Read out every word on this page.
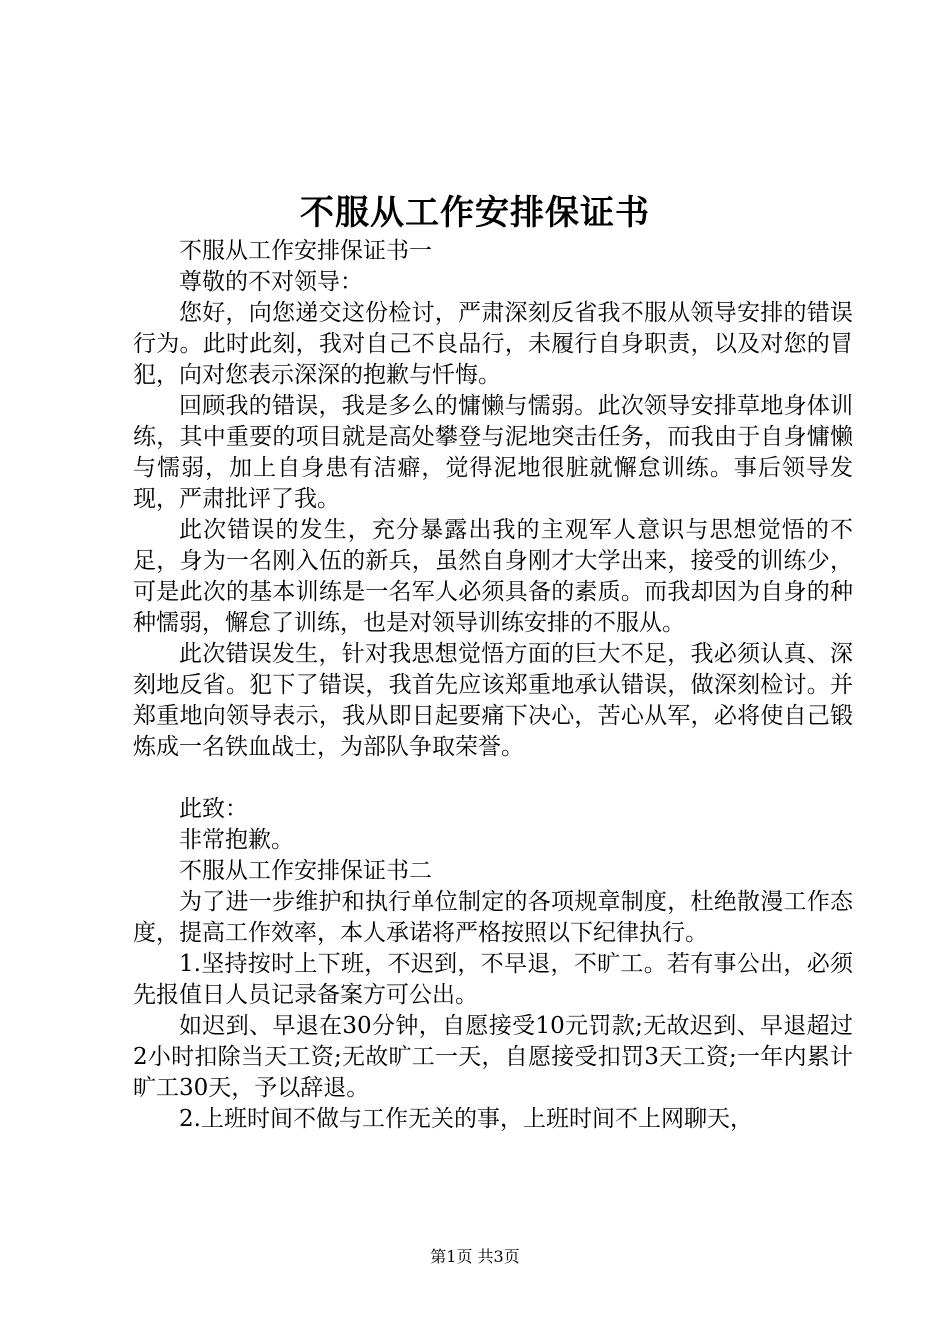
不服从工作安排保证书

不服从工作安排保证书一

尊敬的不对领导：

您好，向您递交这份检讨，严肃深刻反省我不服从领导安排的错误行为。此时此刻，我对自己不良品行，未履行自身职责，以及对您的冒犯，向对您表示深深的抱歉与忏悔。

回顾我的错误，我是多么的慵懒与懦弱。此次领导安排草地身体训练，其中重要的项目就是高处攀登与泥地突击任务，而我由于自身慵懒与懦弱，加上自身患有洁癖，觉得泥地很脏就懈怠训练。事后领导发现，严肃批评了我。

此次错误的发生，充分暴露出我的主观军人意识与思想觉悟的不足，身为一名刚入伍的新兵，虽然自身刚才大学出来，接受的训练少，可是此次的基本训练是一名军人必须具备的素质。而我却因为自身的种种懦弱，懈怠了训练，也是对领导训练安排的不服从。

此次错误发生，针对我思想觉悟方面的巨大不足，我必须认真、深刻地反省。犯下了错误，我首先应该郑重地承认错误，做深刻检讨。并郑重地向领导表示，我从即日起要痛下决心，苦心从军，必将使自己锻炼成一名铁血战士，为部队争取荣誉。

此致：

非常抱歉。

不服从工作安排保证书二

为了进一步维护和执行单位制定的各项规章制度，杜绝散漫工作态度，提高工作效率，本人承诺将严格按照以下纪律执行。

1.坚持按时上下班，不迟到，不早退，不旷工。若有事公出，必须先报值日人员记录备案方可公出。

如迟到、早退在30分钟，自愿接受10元罚款;无故迟到、早退超过2小时扣除当天工资;无故旷工一天，自愿接受扣罚3天工资;一年内累计旷工30天，予以辞退。

2.上班时间不做与工作无关的事，上班时间不上网聊天，

第1页 共3页
